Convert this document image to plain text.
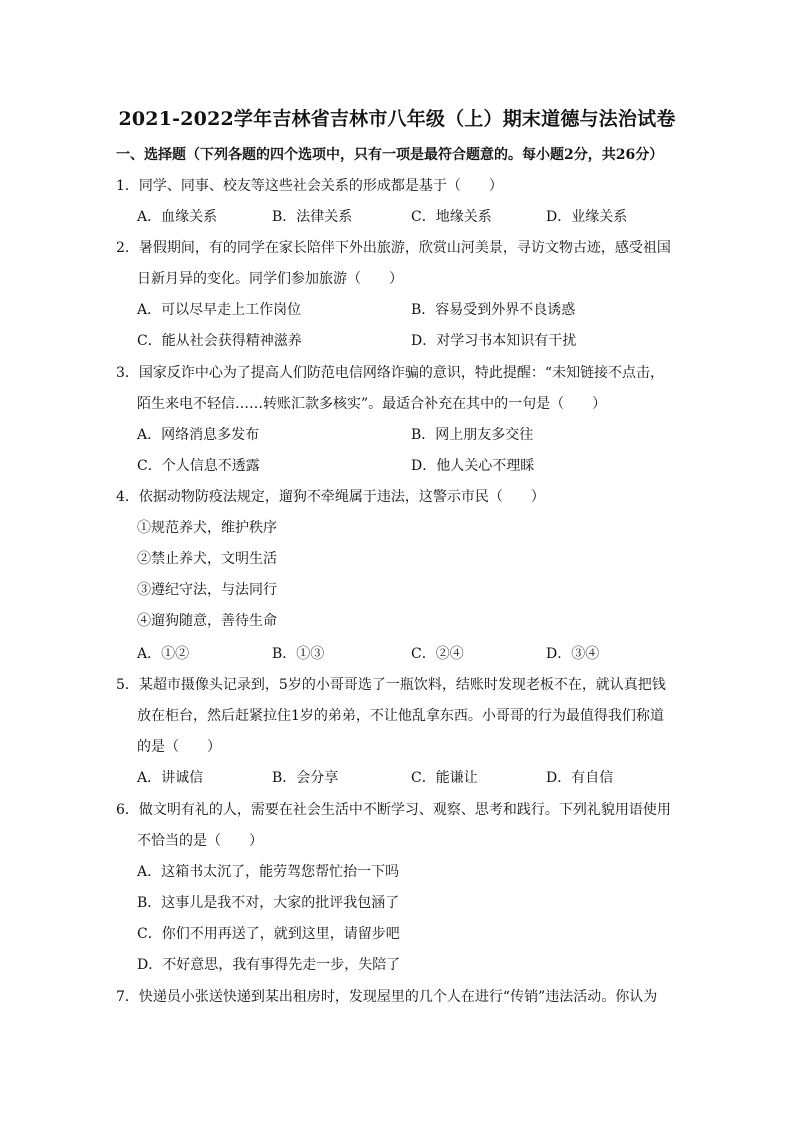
2021-2022学年吉林省吉林市八年级（上）期末道德与法治试卷
一、选择题（下列各题的四个选项中，只有一项是最符合题意的。每小题2分，共26分）
1．同学、同事、校友等这些社会关系的形成都是基于（　　）
A．血缘关系	B．法律关系	C．地缘关系	D．业缘关系
2．暑假期间，有的同学在家长陪伴下外出旅游，欣赏山河美景，寻访文物古迹，感受祖国
日新月异的变化。同学们参加旅游（　　）
A．可以尽早走上工作岗位	B．容易受到外界不良诱惑
C．能从社会获得精神滋养	D．对学习书本知识有干扰
3．国家反诈中心为了提高人们防范电信网络诈骗的意识，特此提醒：“未知链接不点击，
陌生来电不轻信……转账汇款多核实”。最适合补充在其中的一句是（　　）
A．网络消息多发布	B．网上朋友多交往
C．个人信息不透露	D．他人关心不理睬
4．依据动物防疫法规定，遛狗不牵绳属于违法，这警示市民（　　）
①规范养犬，维护秩序
②禁止养犬，文明生活
③遵纪守法，与法同行
④遛狗随意，善待生命
A．①②	B．①③	C．②④	D．③④
5．某超市摄像头记录到，5岁的小哥哥选了一瓶饮料，结账时发现老板不在，就认真把钱
放在柜台，然后赶紧拉住1岁的弟弟，不让他乱拿东西。小哥哥的行为最值得我们称道
的是（　　）
A．讲诚信	B．会分享	C．能谦让	D．有自信
6．做文明有礼的人，需要在社会生活中不断学习、观察、思考和践行。下列礼貌用语使用
不恰当的是（　　）
A．这箱书太沉了，能劳驾您帮忙抬一下吗
B．这事儿是我不对，大家的批评我包涵了
C．你们不用再送了，就到这里，请留步吧
D．不好意思，我有事得先走一步，失陪了
7．快递员小张送快递到某出租房时，发现屋里的几个人在进行“传销”违法活动。你认为
